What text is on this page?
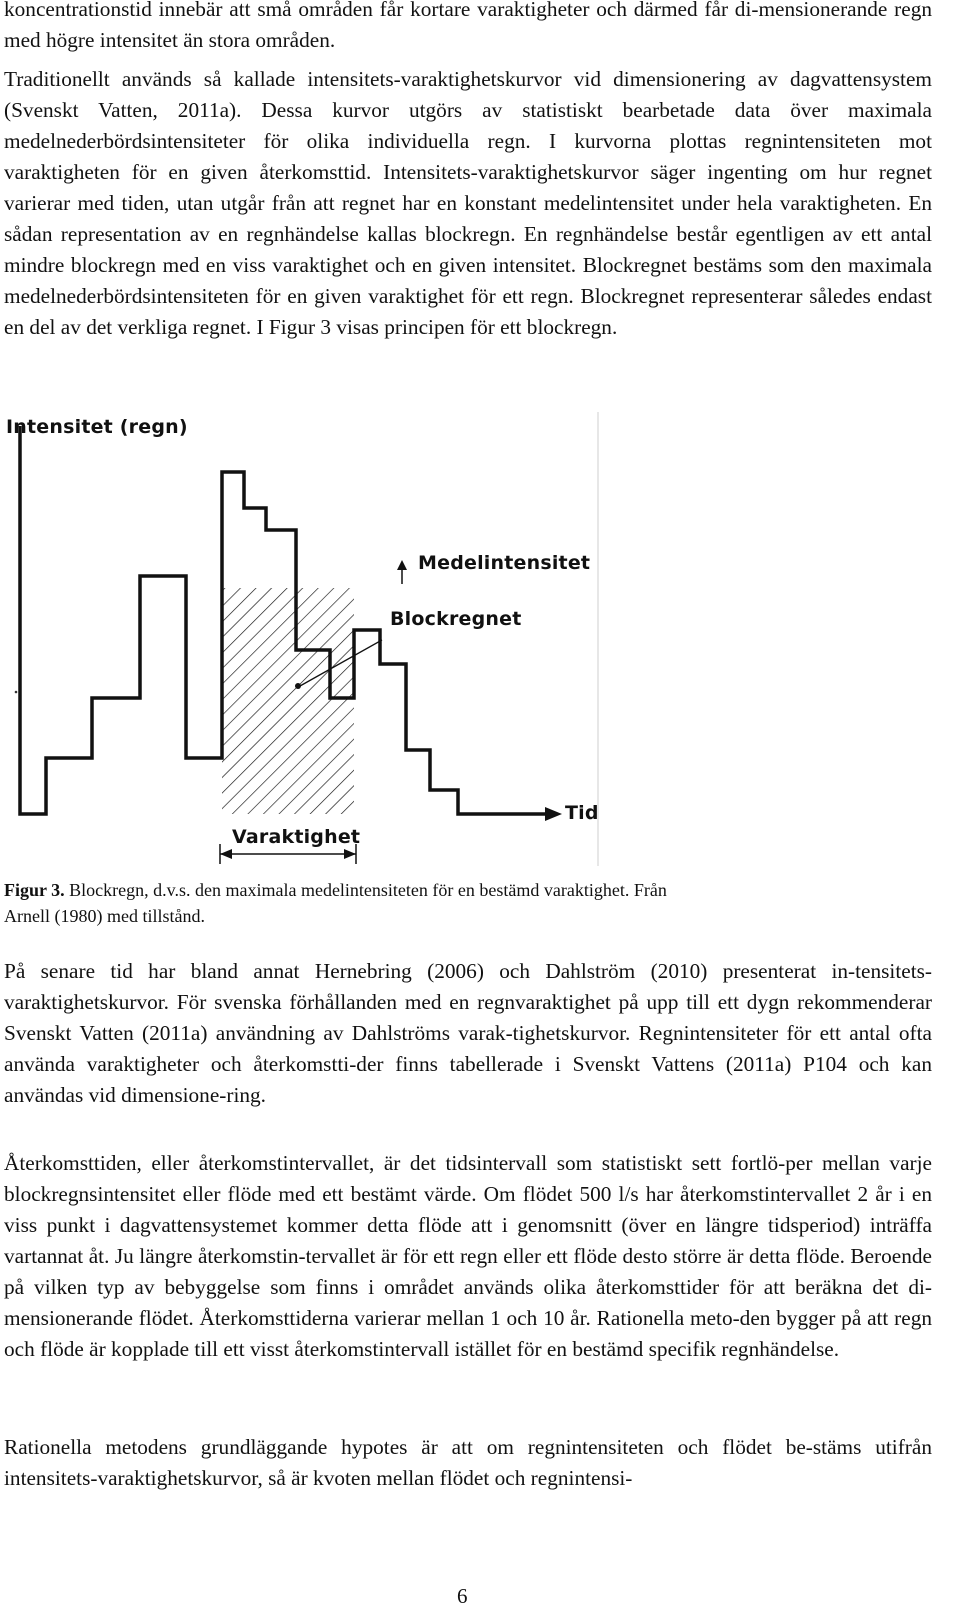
koncentrationstid innebär att små områden får kortare varaktigheter och därmed får di-mensionerande regn med högre intensitet än stora områden.

Traditionellt används så kallade intensitets-varaktighetskurvor vid dimensionering av dagvattensystem (Svenskt Vatten, 2011a). Dessa kurvor utgörs av statistiskt bearbetade data över maximala medelnederbördsintensiteter för olika individuella regn. I kurvorna plottas regnintensiteten mot varaktigheten för en given återkomsttid. Intensitets-varaktighetskurvor säger ingenting om hur regnet varierar med tiden, utan utgår från att regnet har en konstant medelintensitet under hela varaktigheten. En sådan representation av en regnhändelse kallas blockregn. En regnhändelse består egentligen av ett antal mindre blockregn med en viss varaktighet och en given intensitet. Blockregnet bestäms som den maximala medelnederbördsintensiteten för en given varaktighet för ett regn. Blockregnet representerar således endast en del av det verkliga regnet. I Figur 3 visas principen för ett blockregn.

Intensitet (regn)
Medelintensitet
Blockregnet
Tid
Varaktighet
Figur 3. Blockregn, d.v.s. den maximala medelintensiteten för en bestämd varaktighet. Från Arnell (1980) med tillstånd.

På senare tid har bland annat Hernebring (2006) och Dahlström (2010) presenterat in-tensitets-varaktighetskurvor. För svenska förhållanden med en regnvaraktighet på upp till ett dygn rekommenderar Svenskt Vatten (2011a) användning av Dahlströms varak-tighetskurvor. Regnintensiteter för ett antal ofta använda varaktigheter och återkomstti-der finns tabellerade i Svenskt Vattens (2011a) P104 och kan användas vid dimensione-ring.

Återkomsttiden, eller återkomstintervallet, är det tidsintervall som statistiskt sett fortlö-per mellan varje blockregnsintensitet eller flöde med ett bestämt värde. Om flödet 500 l/s har återkomstintervallet 2 år i en viss punkt i dagvattensystemet kommer detta flöde att i genomsnitt (över en längre tidsperiod) inträffa vartannat åt. Ju längre återkomstin-tervallet är för ett regn eller ett flöde desto större är detta flöde. Beroende på vilken typ av bebyggelse som finns i området används olika återkomsttider för att beräkna det di-mensionerande flödet. Återkomsttiderna varierar mellan 1 och 10 år. Rationella meto-den bygger på att regn och flöde är kopplade till ett visst återkomstintervall istället för en bestämd specifik regnhändelse.

Rationella metodens grundläggande hypotes är att om regnintensiteten och flödet be-stäms utifrån intensitets-varaktighetskurvor, så är kvoten mellan flödet och regnintensi-

6
